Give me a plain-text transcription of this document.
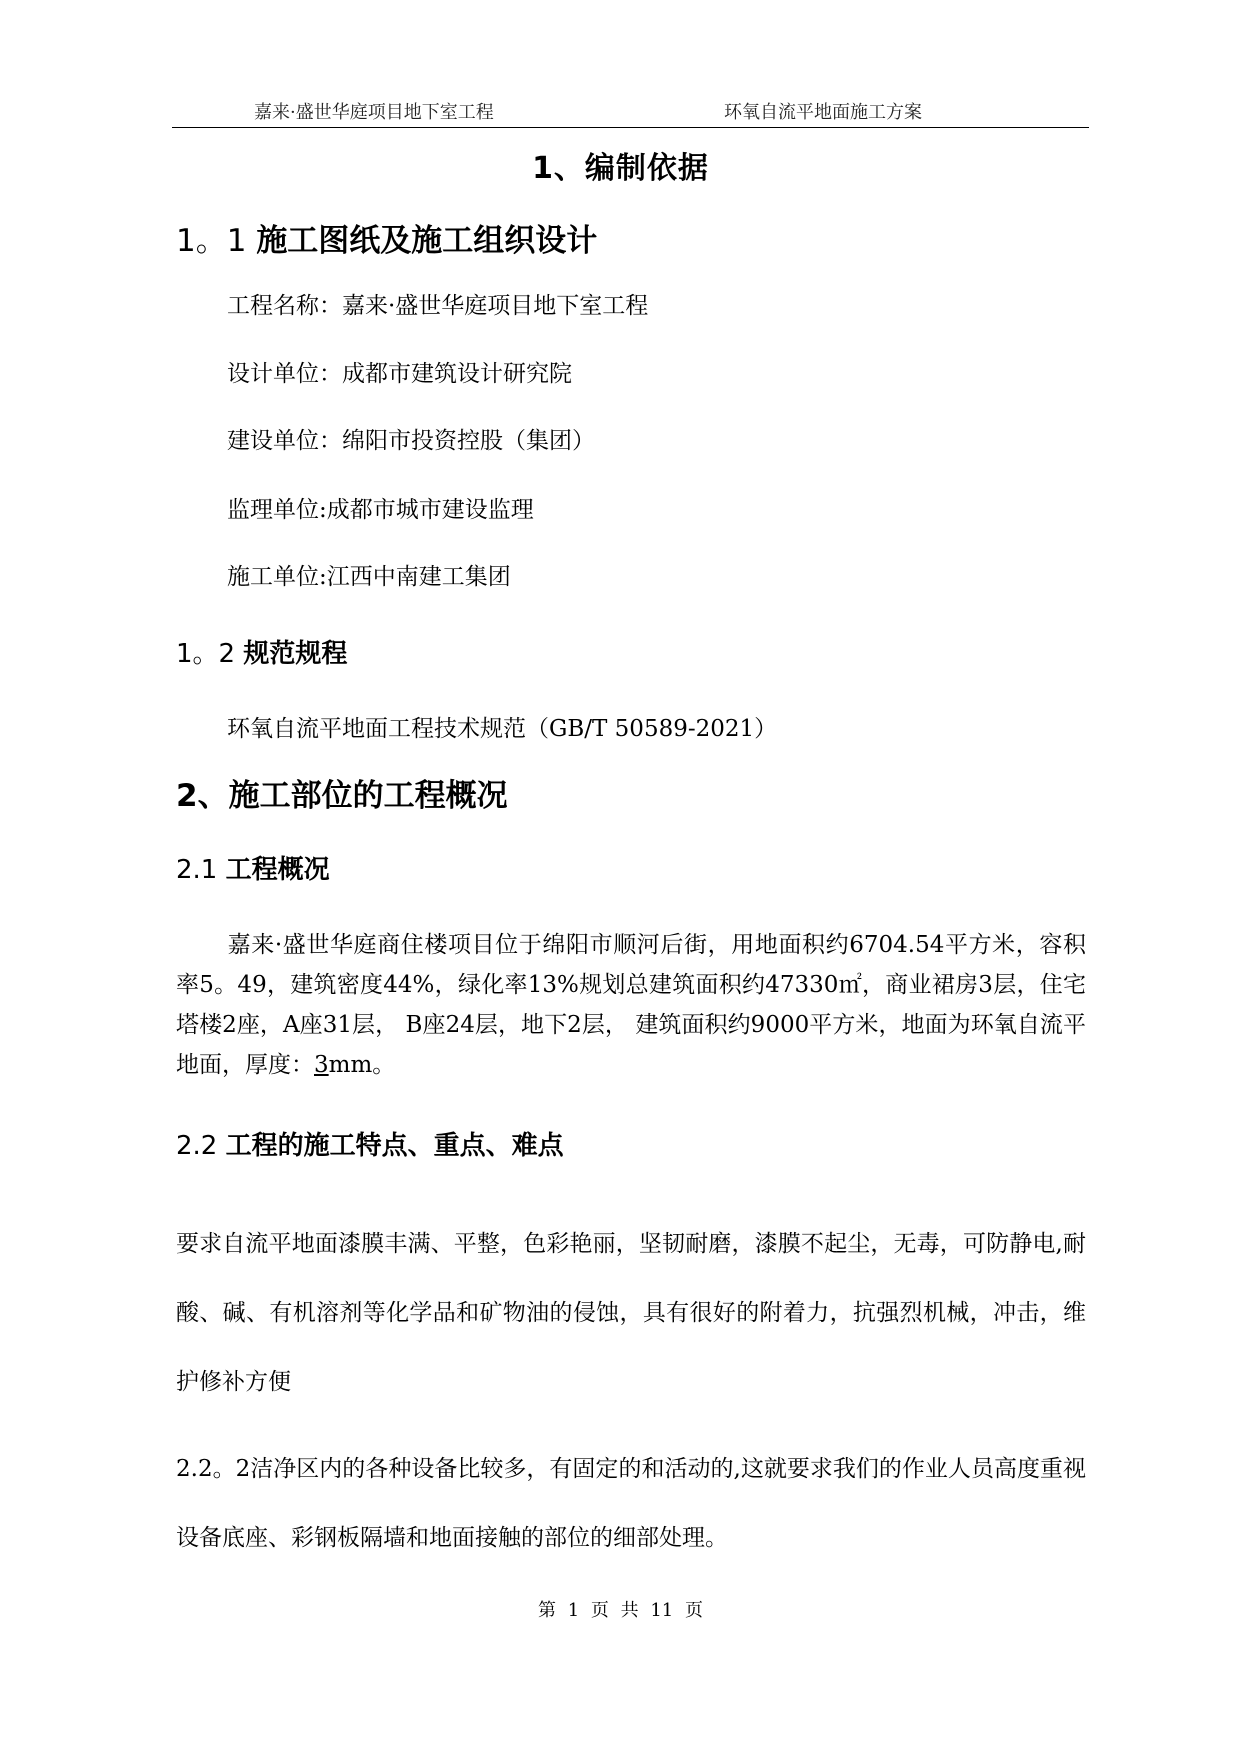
嘉来·盛世华庭项目地下室工程	环氧自流平地面施工方案
1、编制依据
1。1 施工图纸及施工组织设计
工程名称：嘉来·盛世华庭项目地下室工程
设计单位：成都市建筑设计研究院
建设单位：绵阳市投资控股（集团）
监理单位:成都市城市建设监理
施工单位:江西中南建工集团
1。2 规范规程
环氧自流平地面工程技术规范（GB/T 50589-2021）
2、施工部位的工程概况
2.1 工程概况
嘉来·盛世华庭商住楼项目位于绵阳市顺河后街，用地面积约6704.54平方米，容积率5。49，建筑密度44%，绿化率13%规划总建筑面积约47330㎡，商业裙房3层，住宅塔楼2座，A座31层， B座24层，地下2层， 建筑面积约9000平方米，地面为环氧自流平地面，厚度：3mm。
2.2 工程的施工特点、重点、难点
要求自流平地面漆膜丰满、平整，色彩艳丽，坚韧耐磨，漆膜不起尘，无毒，可防静电,耐酸、碱、有机溶剂等化学品和矿物油的侵蚀，具有很好的附着力，抗强烈机械，冲击，维护修补方便
2.2。2洁净区内的各种设备比较多，有固定的和活动的,这就要求我们的作业人员高度重视设备底座、彩钢板隔墙和地面接触的部位的细部处理。
第 1 页 共 11 页
